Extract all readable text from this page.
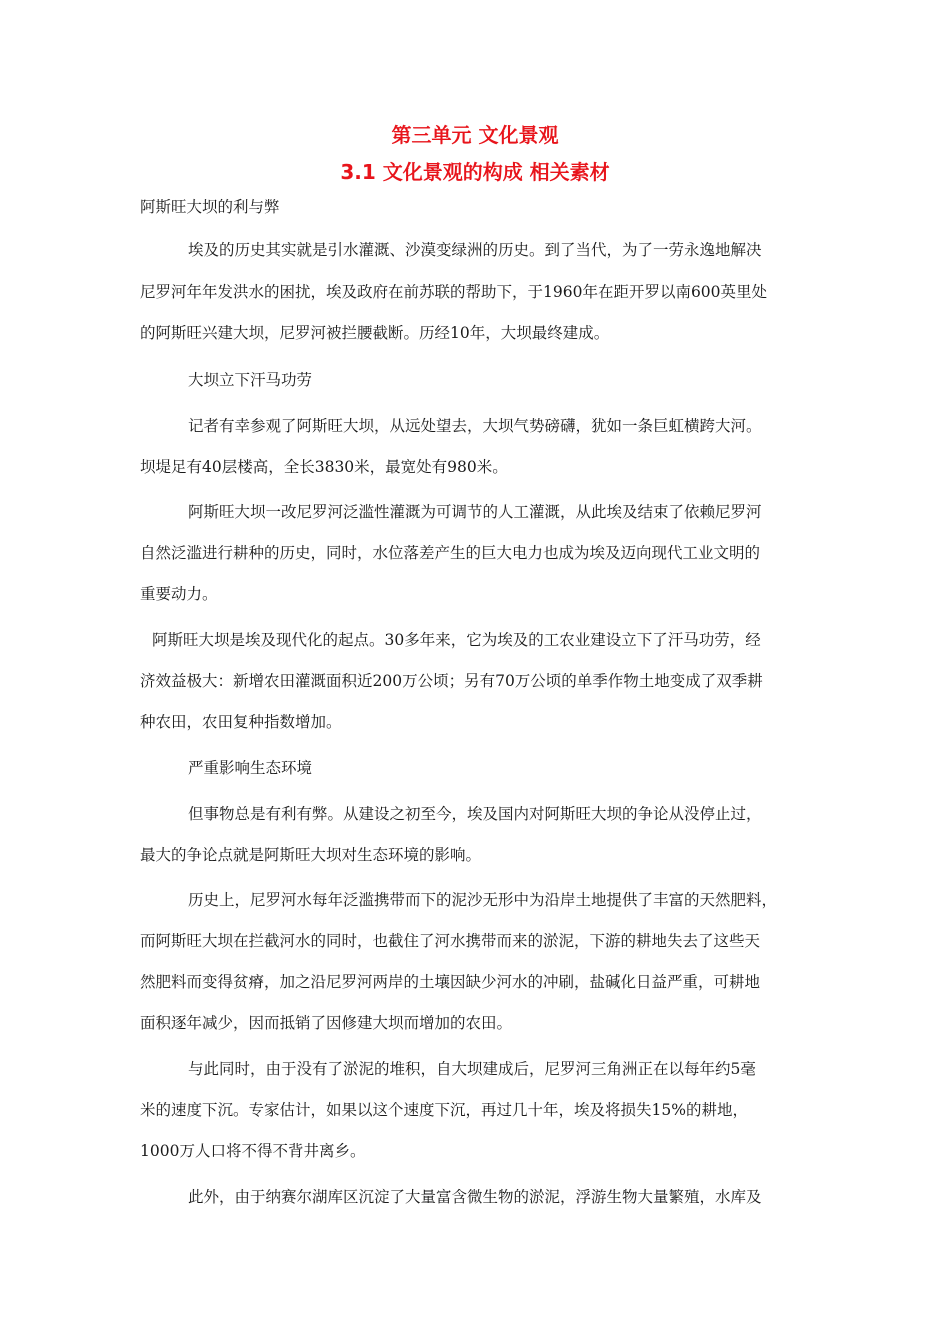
第三单元 文化景观
3.1 文化景观的构成 相关素材
阿斯旺大坝的利与弊
埃及的历史其实就是引水灌溉、沙漠变绿洲的历史。到了当代，为了一劳永逸地解决
尼罗河年年发洪水的困扰，埃及政府在前苏联的帮助下，于1960年在距开罗以南600英里处
的阿斯旺兴建大坝，尼罗河被拦腰截断。历经10年，大坝最终建成。
大坝立下汗马功劳
记者有幸参观了阿斯旺大坝，从远处望去，大坝气势磅礴，犹如一条巨虹横跨大河。
坝堤足有40层楼高，全长3830米，最宽处有980米。
阿斯旺大坝一改尼罗河泛滥性灌溉为可调节的人工灌溉，从此埃及结束了依赖尼罗河
自然泛滥进行耕种的历史，同时，水位落差产生的巨大电力也成为埃及迈向现代工业文明的
重要动力。
阿斯旺大坝是埃及现代化的起点。30多年来，它为埃及的工农业建设立下了汗马功劳，经
济效益极大：新增农田灌溉面积近200万公顷；另有70万公顷的单季作物土地变成了双季耕
种农田，农田复种指数增加。
严重影响生态环境
但事物总是有利有弊。从建设之初至今，埃及国内对阿斯旺大坝的争论从没停止过，
最大的争论点就是阿斯旺大坝对生态环境的影响。
历史上，尼罗河水每年泛滥携带而下的泥沙无形中为沿岸土地提供了丰富的天然肥料，
而阿斯旺大坝在拦截河水的同时，也截住了河水携带而来的淤泥，下游的耕地失去了这些天
然肥料而变得贫瘠，加之沿尼罗河两岸的土壤因缺少河水的冲刷，盐碱化日益严重，可耕地
面积逐年减少，因而抵销了因修建大坝而增加的农田。
与此同时，由于没有了淤泥的堆积，自大坝建成后，尼罗河三角洲正在以每年约5毫
米的速度下沉。专家估计，如果以这个速度下沉，再过几十年，埃及将损失15%的耕地，
1000万人口将不得不背井离乡。
此外，由于纳赛尔湖库区沉淀了大量富含微生物的淤泥，浮游生物大量繁殖，水库及
